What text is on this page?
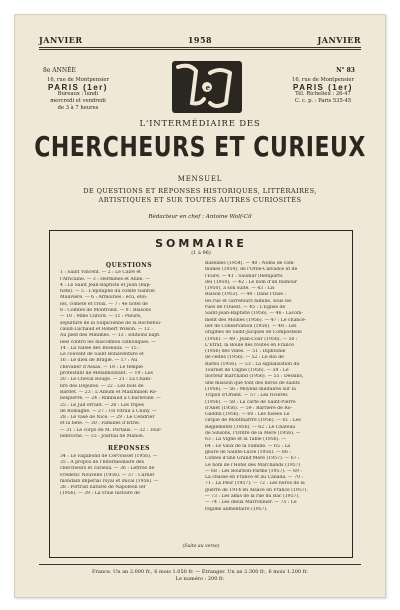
JANVIER	1958	JANVIER
8e ANNÉE	N° 83
16, rue de Montpensier
PARIS (1er)
Bureaux : lundi
mercredi et vendredi
de 3 à 7 heures
L e I
16, rue de Montpensier
PARIS (1er)
Tél. Richelieu : 26-47
C. c. p. : Paris 535-45
L'INTERMÉDIAIRE DES
CHERCHEURS ET CURIEUX
MENSUEL
DE QUESTIONS ET RÉPONSES HISTORIQUES, LITTÉRAIRES,
ARTISTIQUES ET SUR TOUTES AUTRES CURIOSITÉS
Rédacteur en chef : Antoine Wolf-Cil
SOMMAIRE
(1 à 96)
QUESTIONS
1 : Saint Vincent. — 2 : Le Caïre et
l'Africaine. — 3 : Hermines et Anne. —
4 : Le Saint Jean-Baptiste et Jean (Bap-
tiste). — 5 : L'épitaphe du comte Gabriel
Mauvière. — 6 : Armoiries : écu, étoi-
les, comète et croix. — 7 : 4e hôtel de
8 : Comtes de Montrond. — 9 : Blasons
— 10 : Mme Cliford. — 11 : Pleure,
sépulture de la Sulpicienne de la Rochefou-
cauld-Luchaud et Robert Wilson. — 12 :
Au pied des Minimes. — 13 : Éditions bapt.
lées contre les miscomtés catholiques. —
14 : La vallée des Roseaux. — 15 :
Le couvent de Saint Bonaventure et
16 : Le dieu de Bragie. — 17 : Au
chevalier d'Assas. — 18 : Le temple
protestant de Ménilmontant. — 19 : Les
20 : Le Cheval Rouge. — 21 : La Cham-
bre des Députés. — 22 : Les bols de
Bardet. — 23 : L'Album et Maximilien Ro-
bespierre. — 24 : Rimbaud à Charleville. —
25 : Le Juif errant. — 26 : Les tripes
de Romagne. — 27 : Un vitrail à Cluny. —
28 : Le vase de Nice. — 29 : Le Cendrier
et la bête. — 30 : Familles d'Istrie.
— 31 : Le corps de M. Portalis. — 32 : Tour-
nebroche. — 33 : Journal de Manon.
RÉPONSES
34 : Le vagabond de Cervoisset (1956). —
35 : A propos de l'Intermédiaire des
chercheurs et curieux. — 36 : Lettres de
Frédéric Nouvelle (1956). — 37 : Carnet
mondain impérial royal et ducal (1956). —
38 : Portrait naturel de Napoléon Ier
(1956). — 39 : La vraie histoire de
Bazeilles (1954). — 40 : Noms de com-
munes (1954), de l'Orne-Calvados et de
l'Eure. — 41 : Saumur (Remparts
de) (1950). — 42 : Le nom d'un humour
(1950), à son suite. — 43 : Lis
Blason (1953). — 44 : Dans l'Oise :
les rue et carrefours famille, sous les
rues de l'Ouest. — 45 : L'Eglise de
Saint-Jean-Baptiste (1956). — 46 : Lacom-
ment des Moines (1956). — 47 : Le chance-
lier de Conservation (1956). — 48 : Les
origines de Saint-Jacques de Compostelle
(1956). — 49 : Jean-Cour (1956). — 50 :
L'Etrat, la Boule des routes en France
(1956) des villes. — 51 : Diphtonie
de celtes (1956). — 52 : Le Roi de
Barbu (1956). — 53 : La signalisation du
Tournet de Cligne (1956). — 54 : Le
docteur marchand (1956). — 55 : Dessins,
une mission que font des héros de saints
(1956). — 56 : Moyens militaires sur la
Tripoli d'Orient. — 57 : Les rivières
(1956). — 58 : La carte de Saint-Pierre
d'Anet (1956). — 59 : Barrière de Ro-
Gaddin (1956). — 60 : Les fusées Le
cirque de Montmartre (1956). — 61 : Les
Réglements (1956). — 62 : Le Château
de Sinsons, l'Ordre de la Mère (1956). —
63 : La Vigne et la Table (1956). —
64 : Le Vaux de la Famille. — 65 : La
gloire de Sainte-Lucie (1956). — 66 :
Contes d'une Grand'Mère (1957). — 67 :
Le nom de l'Hôtel des Marchands (1957)
— 68 : Les Bourbon-Parme (1957). — 69 :
La chasse en France et au Canada. — 70 :
71 : La Peur (1957). — 72 : Les héros de la
guerre de 1914 en Alsace en France (1957).
— 73 : Les amis de la rue du Bac (1957).
— 74 : Les dieux Marronnier. — 75 : Le
régime alimentaire (1957).
(Suite au verso)
France. Un an 2.000 fr., 6 mois 1.050 fr. — Étranger. Un an 2.300 fr., 6 mois 1.200 fr.
Le numéro : 200 fr.
